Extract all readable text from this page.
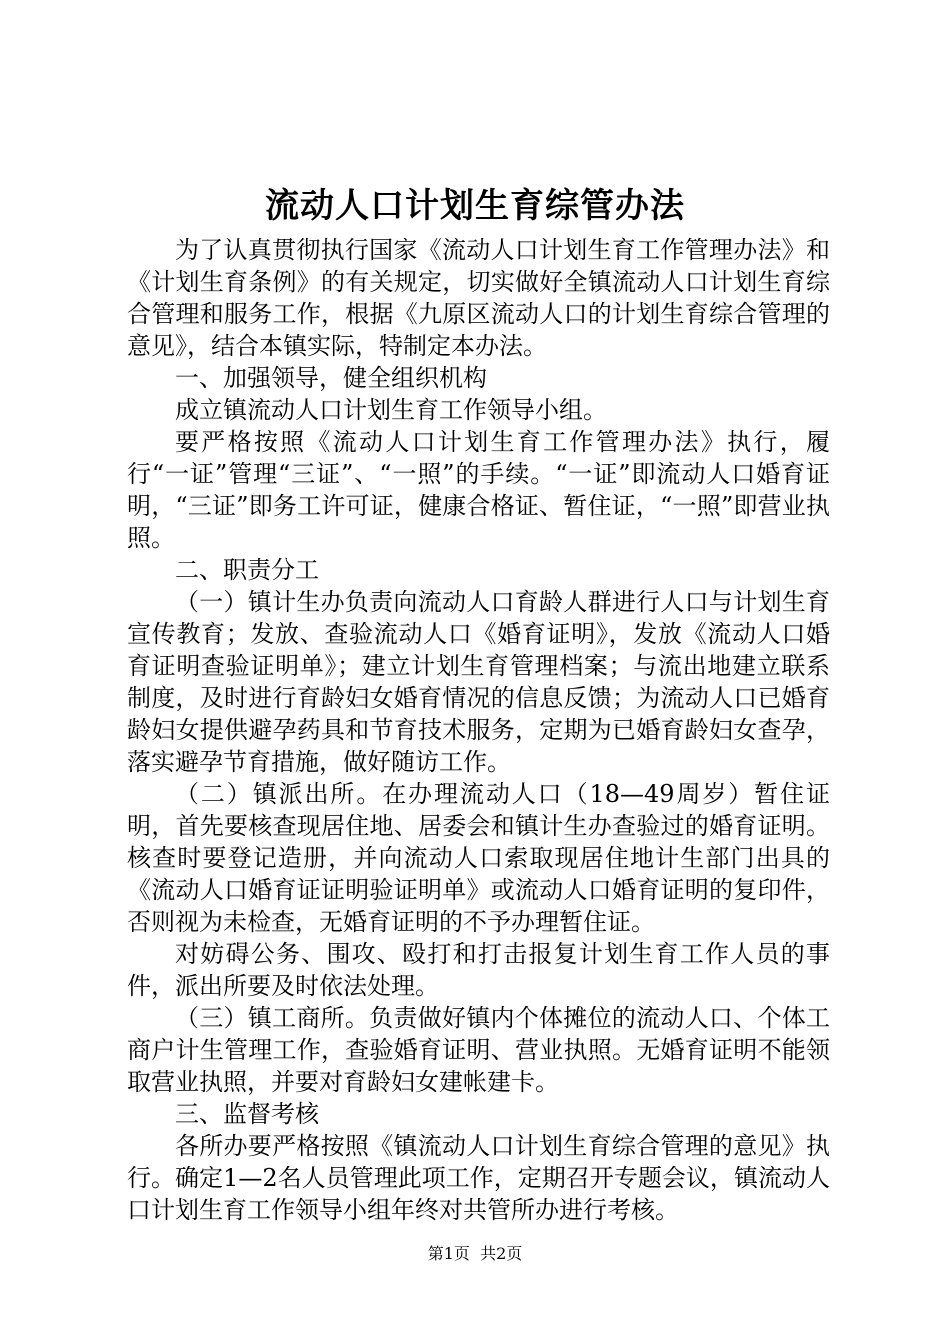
流动人口计划生育综管办法

为了认真贯彻执行国家《流动人口计划生育工作管理办法》和《计划生育条例》的有关规定，切实做好全镇流动人口计划生育综合管理和服务工作，根据《九原区流动人口的计划生育综合管理的意见》，结合本镇实际，特制定本办法。

一、加强领导，健全组织机构

成立镇流动人口计划生育工作领导小组。

要严格按照《流动人口计划生育工作管理办法》执行，履行“一证”管理“三证”、“一照”的手续。“一证”即流动人口婚育证明，“三证”即务工许可证，健康合格证、暂住证，“一照”即营业执照。

二、职责分工

（一）镇计生办负责向流动人口育龄人群进行人口与计划生育宣传教育；发放、查验流动人口《婚育证明》，发放《流动人口婚育证明查验证明单》；建立计划生育管理档案；与流出地建立联系制度，及时进行育龄妇女婚育情况的信息反馈；为流动人口已婚育龄妇女提供避孕药具和节育技术服务，定期为已婚育龄妇女查孕，落实避孕节育措施，做好随访工作。

（二）镇派出所。在办理流动人口（18—49周岁）暂住证明，首先要核查现居住地、居委会和镇计生办查验过的婚育证明。核查时要登记造册，并向流动人口索取现居住地计生部门出具的《流动人口婚育证证明验证明单》或流动人口婚育证明的复印件，否则视为未检查，无婚育证明的不予办理暂住证。

对妨碍公务、围攻、殴打和打击报复计划生育工作人员的事件，派出所要及时依法处理。

（三）镇工商所。负责做好镇内个体摊位的流动人口、个体工商户计生管理工作，查验婚育证明、营业执照。无婚育证明不能领取营业执照，并要对育龄妇女建帐建卡。

三、监督考核

各所办要严格按照《镇流动人口计划生育综合管理的意见》执行。确定1—2名人员管理此项工作，定期召开专题会议，镇流动人口计划生育工作领导小组年终对共管所办进行考核。

第1页 共2页
